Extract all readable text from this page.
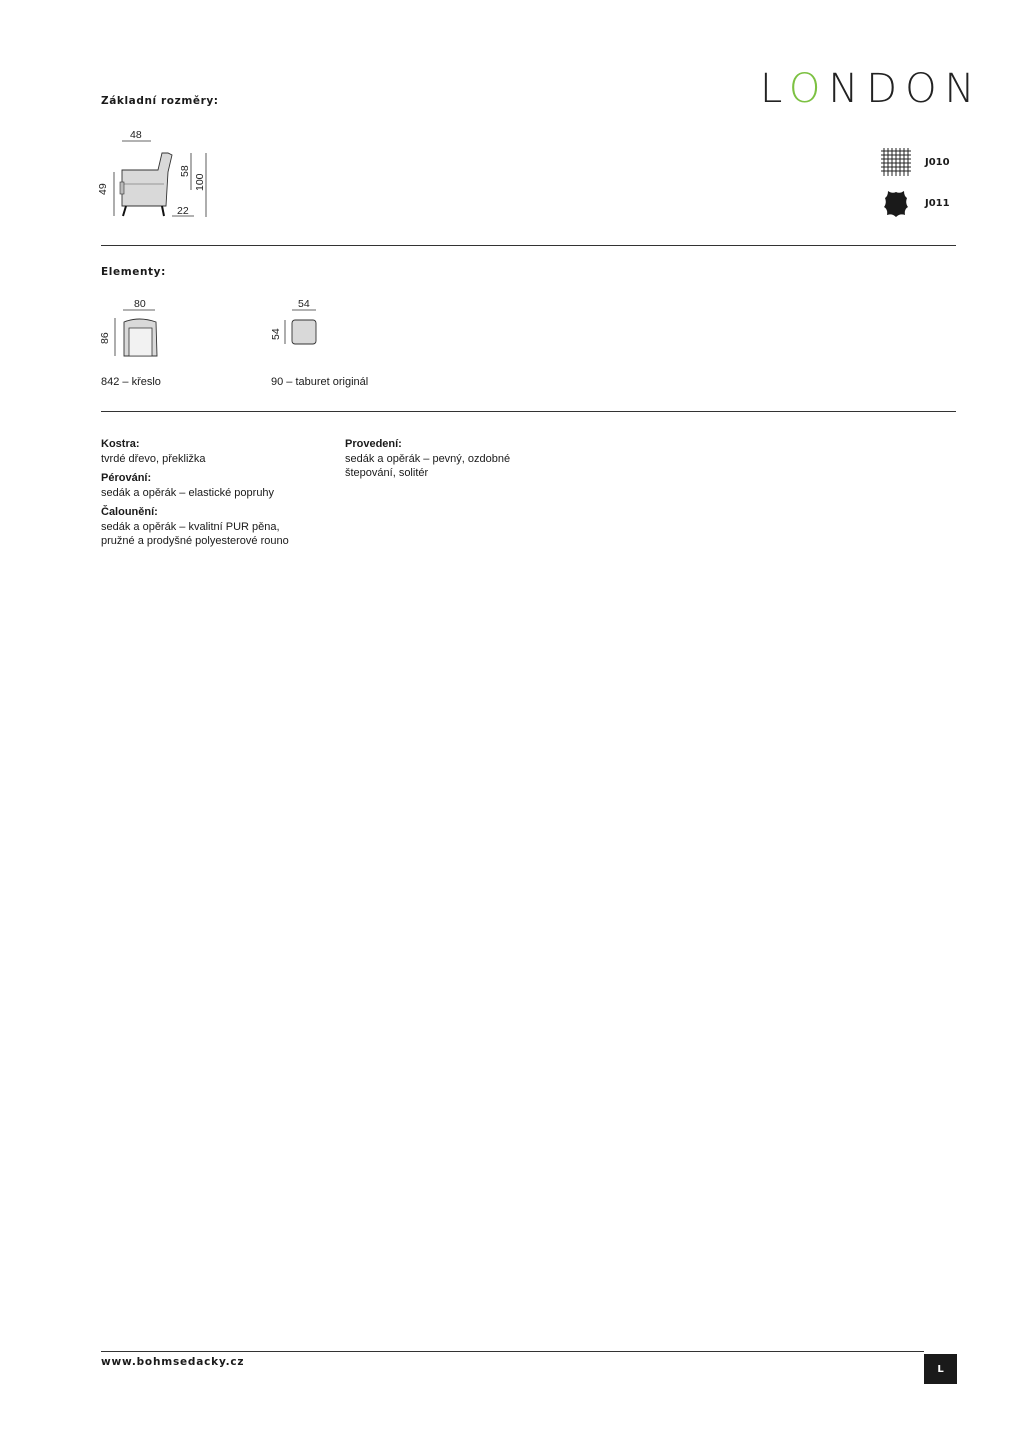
LONDON
Základní rozměry:
48
49
58
100
22
J010
J011
Elementy:
80
86
842 – křeslo
54
54
90 – taburet originál
Kostra:
tvrdé dřevo, překližka
Pérování:
sedák a opěrák – elastické popruhy
Čalounění:
sedák a opěrák – kvalitní PUR pěna,
pružné a prodyšné polyesterové rouno
Provedení:
sedák a opěrák – pevný, ozdobné
štepování, solitér
www.bohmsedacky.cz
L
